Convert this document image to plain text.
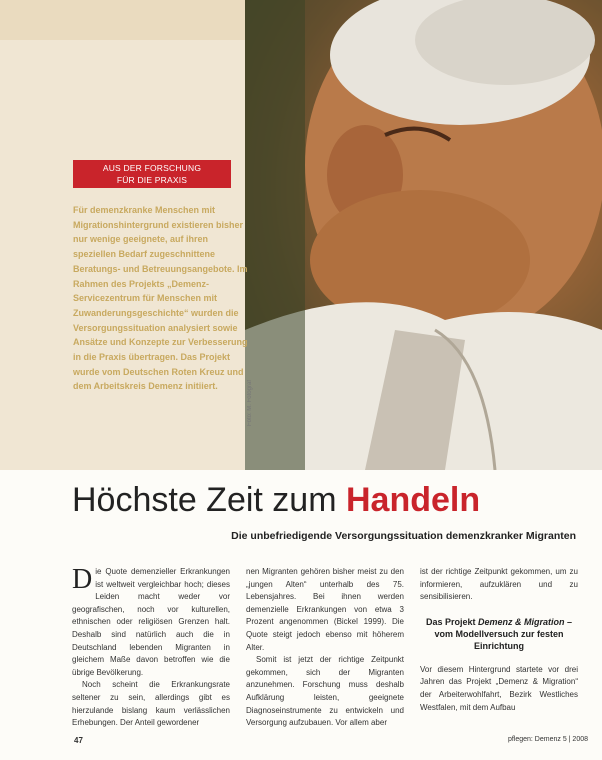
Foto: M. Fotograf
AUS DER FORSCHUNG
FÜR DIE PRAXIS

Für demenzkranke Menschen mit Migrationshintergrund existieren bisher nur wenige geeignete, auf ihren speziellen Bedarf zugeschnittene Beratungs- und Betreuungsangebote. Im Rahmen des Projekts „Demenz-Servicezentrum für Menschen mit Zuwanderungsgeschichte“ wurden die Versorgungssituation analysiert sowie Ansätze und Konzepte zur Verbesserung in die Praxis übertragen. Das Projekt wurde vom Deutschen Roten Kreuz und dem Arbeitskreis Demenz initiiert.

Höchste Zeit zum Handeln
Die unbefriedigende Versorgungssituation demenzkranker Migranten

Die Quote demenzieller Erkrankungen ist weltweit vergleichbar hoch; dieses Leiden macht weder vor geografischen, noch vor kulturellen, ethnischen oder religiösen Grenzen halt. Deshalb sind natürlich auch die in Deutschland lebenden Migranten in gleichem Maße davon betroffen wie die übrige Bevölkerung.

Noch scheint die Erkrankungsrate seltener zu sein, allerdings gibt es hierzulande bislang kaum verlässlichen Erhebungen. Der Anteil gewordener

nen Migranten gehören bisher meist zu den „jungen Alten“ unterhalb des 75. Lebensjahres. Bei ihnen werden demenzielle Erkrankungen von etwa 3 Prozent angenommen (Bickel 1999). Die Quote steigt jedoch ebenso mit höherem Alter.

Somit ist jetzt der richtige Zeitpunkt gekommen, sich der Migranten anzunehmen. Forschung muss deshalb Aufklärung leisten, geeignete Diagnoseinstrumente zu entwickeln und Versorgung aufzubauen. Vor allem aber

ist der richtige Zeitpunkt gekommen, um zu informieren, aufzuklären und zu sensibilisieren.

Das Projekt Demenz & Migration – vom Modellversuch zur festen Einrichtung

Vor diesem Hintergrund startete vor drei Jahren das Projekt „Demenz & Migration“ der Arbeiterwohlfahrt, Bezirk Westliches Westfalen, mit dem Aufbau

47	pflegen: Demenz 5 | 2008
